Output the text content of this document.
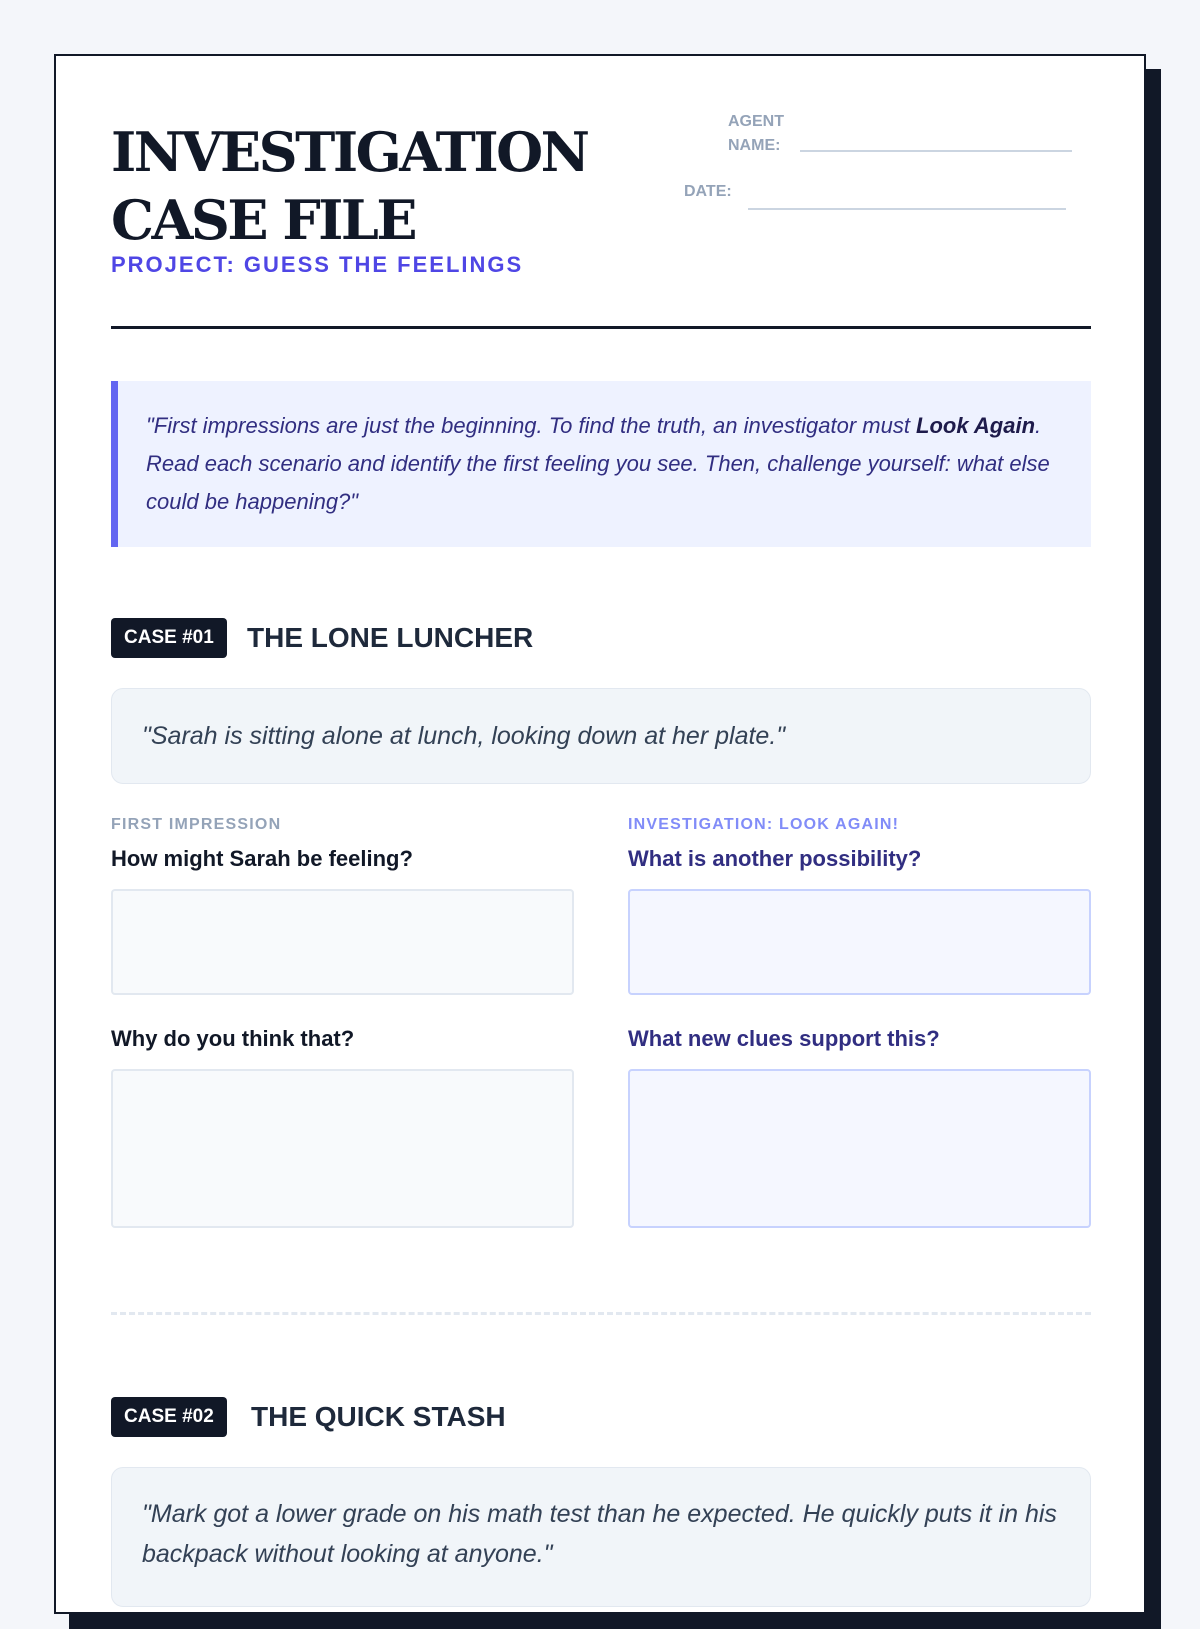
INVESTIGATION
CASE FILE
PROJECT: GUESS THE FEELINGS
AGENT
NAME:
DATE:
"First impressions are just the beginning. To find the truth, an investigator must Look Again. Read each scenario and identify the first feeling you see. Then, challenge yourself: what else could be happening?"
CASE #01	THE LONE LUNCHER
"Sarah is sitting alone at lunch, looking down at her plate."
FIRST IMPRESSION	INVESTIGATION: LOOK AGAIN!
How might Sarah be feeling?	What is another possibility?
Why do you think that?	What new clues support this?
CASE #02	THE QUICK STASH
"Mark got a lower grade on his math test than he expected. He quickly puts it in his backpack without looking at anyone."
